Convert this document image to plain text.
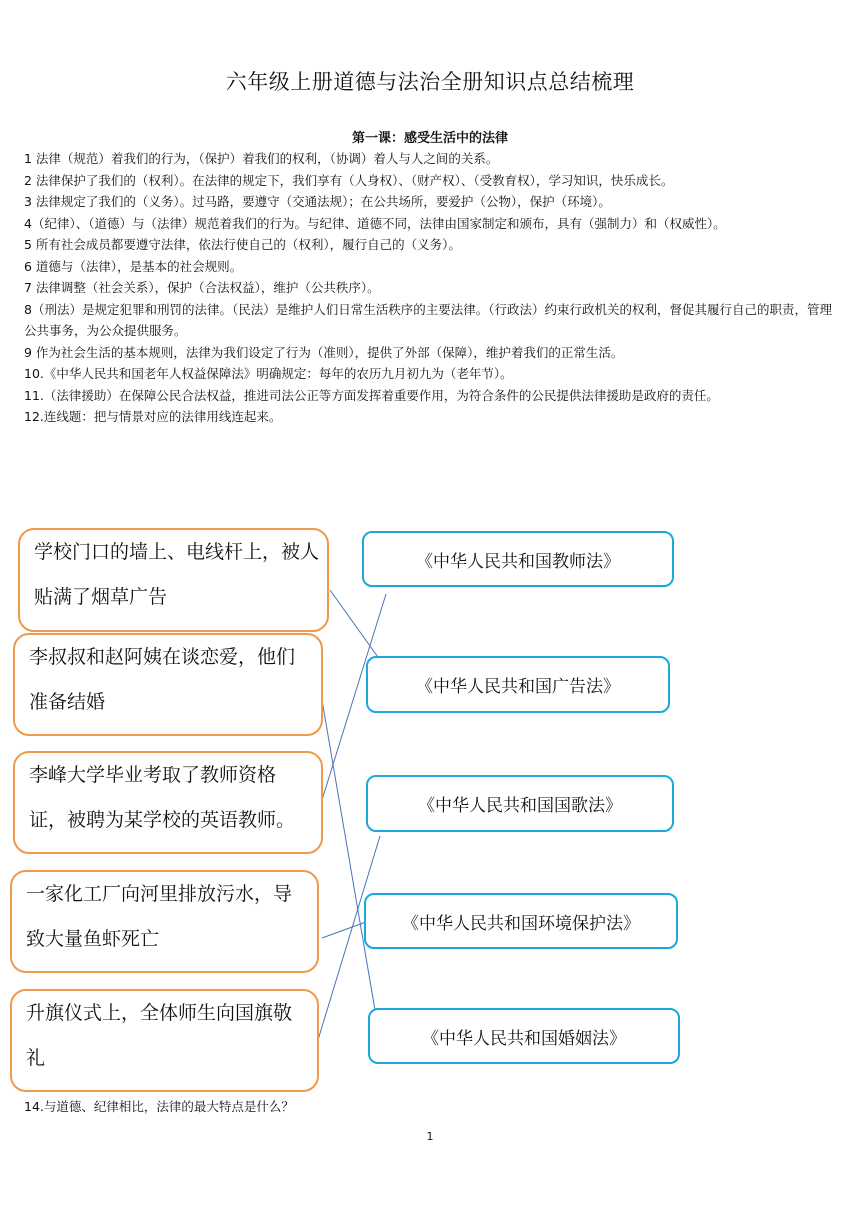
六年级上册道德与法治全册知识点总结梳理
第一课：感受生活中的法律

1 法律（规范）着我们的行为，（保护）着我们的权利，（协调）着人与人之间的关系。

2 法律保护了我们的（权利）。在法律的规定下，我们享有（人身权）、（财产权）、（受教育权），学习知识，快乐成长。

3 法律规定了我们的（义务）。过马路，要遵守（交通法规）；在公共场所，要爱护（公物），保护（环境）。

4（纪律）、（道德）与（法律）规范着我们的行为。与纪律、道德不同，法律由国家制定和颁布，具有（强制力）和（权威性）。

5 所有社会成员都要遵守法律，依法行使自己的（权利），履行自己的（义务）。

6 道德与（法律），是基本的社会规则。

7 法律调整（社会关系），保护（合法权益），维护（公共秩序）。

8（刑法）是规定犯罪和刑罚的法律。（民法）是维护人们日常生活秩序的主要法律。（行政法）约束行政机关的权利，督促其履行自己的职责，管理公共事务，为公众提供服务。

9 作为社会生活的基本规则，法律为我们设定了行为（准则），提供了外部（保障），维护着我们的正常生活。

10.《中华人民共和国老年人权益保障法》明确规定：每年的农历九月初九为（老年节）。

11.（法律援助）在保障公民合法权益，推进司法公正等方面发挥着重要作用，为符合条件的公民提供法律援助是政府的责任。

12.连线题：把与情景对应的法律用线连起来。

学校门口的墙上、电线杆上，被人贴满了烟草广告
李叔叔和赵阿姨在谈恋爱，他们准备结婚
李峰大学毕业考取了教师资格证，被聘为某学校的英语教师。
一家化工厂向河里排放污水，导致大量鱼虾死亡
升旗仪式上，全体师生向国旗敬礼
《中华人民共和国教师法》
《中华人民共和国广告法》
《中华人民共和国国歌法》
《中华人民共和国环境保护法》
《中华人民共和国婚姻法》
14.与道德、纪律相比，法律的最大特点是什么？
1
